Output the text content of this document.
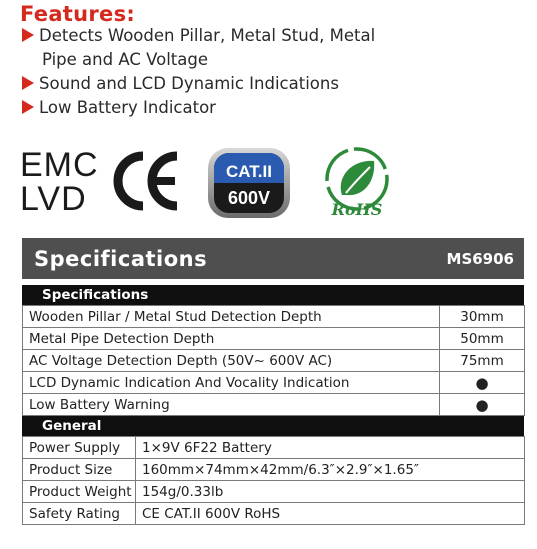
Features:
Detects Wooden Pillar, Metal Stud, Metal
Pipe and AC Voltage
Sound and LCD Dynamic Indications
Low Battery Indicator
EMC
LVD
CAT.II
600V
RoHS
Specifications	MS6906
Specifications
Wooden Pillar / Metal Stud Detection Depth	30mm
Metal Pipe Detection Depth	50mm
AC Voltage Detection Depth (50V~ 600V AC)	75mm
LCD Dynamic Indication And Vocality Indication	●
Low Battery Warning	●
General
Power Supply	1×9V 6F22 Battery
Product Size	160mm×74mm×42mm/6.3″×2.9″×1.65″
Product Weight	154g/0.33lb
Safety Rating	CE CAT.II 600V RoHS
